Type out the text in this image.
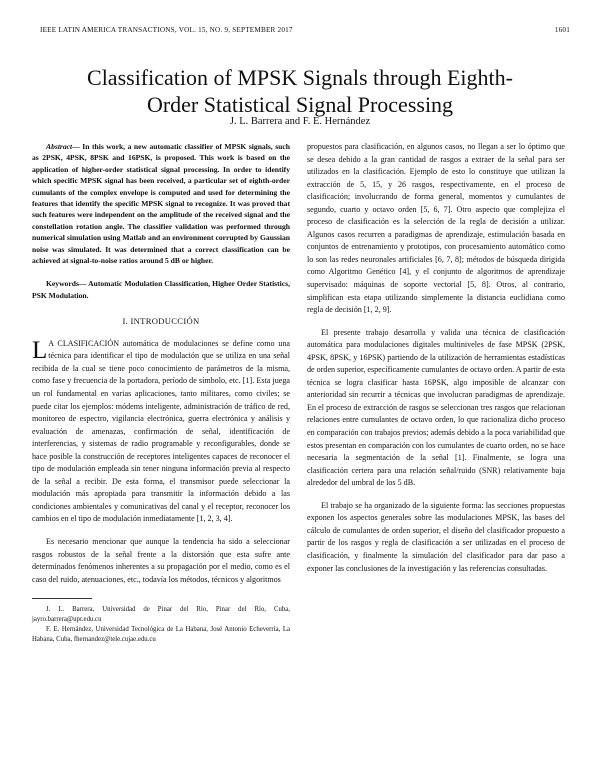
IEEE LATIN AMERICA TRANSACTIONS, VOL. 15, NO. 9, SEPTEMBER 2017	1601
Classification of MPSK Signals through Eighth-
Order Statistical Signal Processing
J. L. Barrera and F. E. Hernández

Abstract— In this work, a new automatic classifier of MPSK signals, such as 2PSK, 4PSK, 8PSK and 16PSK, is proposed. This work is based on the application of higher-order statistical signal processing. In order to identify which specific MPSK signal has been received, a particular set of eighth-order cumulants of the complex envelope is computed and used for determining the features that identify the specific MPSK signal to recognize. It was proved that such features were independent on the amplitude of the received signal and the constellation rotation angle. The classifier validation was performed through numerical simulation using Matlab and an environment corrupted by Gaussian noise was simulated. It was determined that a correct classification can be achieved at signal-to-noise ratios around 5 dB or higher.

Keywords— Automatic Modulation Classification, Higher Order Statistics, PSK Modulation.

I. INTRODUCCIÓN

L A CLASIFICACIÓN automática de modulaciones se define como una técnica para identificar el tipo de modulación que se utiliza en una señal recibida de la cual se tiene poco conocimiento de parámetros de la misma, como fase y frecuencia de la portadora, período de símbolo, etc. [1]. Esta juega un rol fundamental en varias aplicaciones, tanto militares, como civiles; se puede citar los ejemplos: módems inteligente, administración de tráfico de red, monitoreo de espectro, vigilancia electrónica, guerra electrónica y análisis y evaluación de amenazas, confirmación de señal, identificación de interferencias, y sistemas de radio programable y reconfigurables, donde se hace posible la construcción de receptores inteligentes capaces de reconocer el tipo de modulación empleada sin tener ninguna información previa al respecto de la señal a recibir. De esta forma, el transmisor puede seleccionar la modulación más apropiada para transmitir la información debido a las condiciones ambientales y comunicativas del canal y el receptor, reconocer los cambios en el tipo de modulación inmediatamente [1, 2, 3, 4].

Es necesario mencionar que aunque la tendencia ha sido a seleccionar rasgos robustos de la señal frente a la distorsión que esta sufre ante determinados fenómenos inherentes a su propagación por el medio, como es el caso del ruido, atenuaciones, etc., todavía los métodos, técnicos y algoritmos

J. L. Barrera, Universidad de Pinar del Río, Pinar del Río, Cuba, jayro.barrera@upr.edu.cu

F. E. Hernández, Universidad Tecnológica de La Habana, José Antonio Echeverría, La Habana, Cuba, fhernandez@tele.cujae.edu.cu

propuestos para clasificación, en algunos casos, no llegan a ser lo óptimo que se desea debido a la gran cantidad de rasgos a extraer de la señal para ser utilizados en la clasificación. Ejemplo de esto lo constituye que utilizan la extracción de 5, 15, y 26 rasgos, respectivamente, en el proceso de clasificación; involucrando de forma general, momentos y cumulantes de segundo, cuarto y octavo orden [5, 6, 7]. Otro aspecto que complejiza el proceso de clasificación es la selección de la regla de decisión a utilizar. Algunos casos recurren a paradigmas de aprendizaje, estimulación basada en conjuntos de entrenamiento y prototipos, con procesamiento automático como lo son las redes neuronales artificiales [6, 7, 8]; métodos de búsqueda dirigida como Algoritmo Genético [4], y el conjunto de algoritmos de aprendizaje supervisado: máquinas de soporte vectorial [5, 8]. Otros, al contrario, simplifican esta etapa utilizando simplemente la distancia euclidiana como regla de decisión [1, 2, 9].

El presente trabajo desarrolla y valida una técnica de clasificación automática para modulaciones digitales multiniveles de fase MPSK (2PSK, 4PSK, 8PSK, y 16PSK) partiendo de la utilización de herramientas estadísticas de orden superior, específicamente cumulantes de octavo orden. A partir de esta técnica se logra clasificar hasta 16PSK, algo imposible de alcanzar con anterioridad sin recurrir a técnicas que involucran paradigmas de aprendizaje. En el proceso de extracción de rasgos se seleccionan tres rasgos que relacionan relaciones entre cumulantes de octavo orden, lo que racionaliza dicho proceso en comparación con trabajos previos; además debido a la poca variabilidad que estos presentan en comparación con los cumulantes de cuarto orden, no se hace necesaria la segmentación de la señal [1]. Finalmente, se logra una clasificación certera para una relación señal/ruido (SNR) relativamente baja alrededor del umbral de los 5 dB.

El trabajo se ha organizado de la siguiente forma: las secciones propuestas exponen los aspectos generales sobre las modulaciones MPSK, las bases del cálculo de cumulantes de orden superior, el diseño del clasificador propuesto a partir de los rasgos y regla de clasificación a ser utilizadas en el proceso de clasificación, y finalmente la simulación del clasificador para dar paso a exponer las conclusiones de la investigación y las referencias consultadas.
